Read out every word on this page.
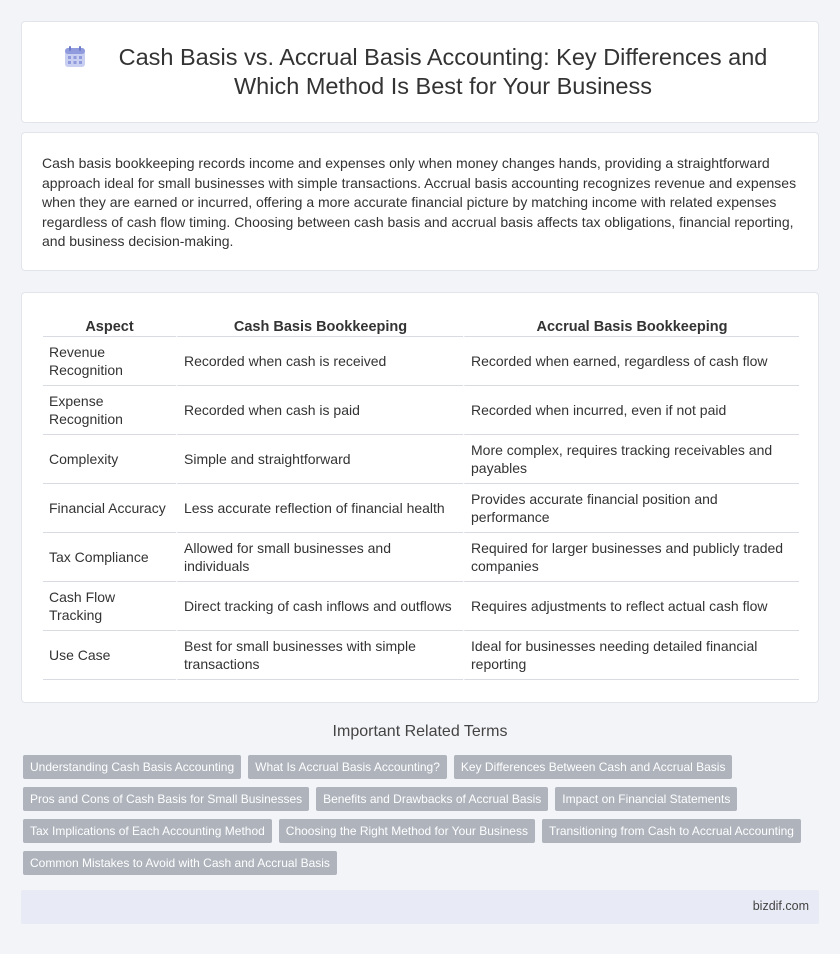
Cash Basis vs. Accrual Basis Accounting: Key Differences and Which Method Is Best for Your Business

Cash basis bookkeeping records income and expenses only when money changes hands, providing a straightforward approach ideal for small businesses with simple transactions. Accrual basis accounting recognizes revenue and expenses when they are earned or incurred, offering a more accurate financial picture by matching income with related expenses regardless of cash flow timing. Choosing between cash basis and accrual basis affects tax obligations, financial reporting, and business decision-making.

Aspect	Cash Basis Bookkeeping	Accrual Basis Bookkeeping
Revenue Recognition	Recorded when cash is received	Recorded when earned, regardless of cash flow
Expense Recognition	Recorded when cash is paid	Recorded when incurred, even if not paid
Complexity	Simple and straightforward	More complex, requires tracking receivables and payables
Financial Accuracy	Less accurate reflection of financial health	Provides accurate financial position and performance
Tax Compliance	Allowed for small businesses and individuals	Required for larger businesses and publicly traded companies
Cash Flow Tracking	Direct tracking of cash inflows and outflows	Requires adjustments to reflect actual cash flow
Use Case	Best for small businesses with simple transactions	Ideal for businesses needing detailed financial reporting
Important Related Terms
Understanding Cash Basis Accounting	What Is Accrual Basis Accounting?	Key Differences Between Cash and Accrual Basis
Pros and Cons of Cash Basis for Small Businesses	Benefits and Drawbacks of Accrual Basis	Impact on Financial Statements
Tax Implications of Each Accounting Method	Choosing the Right Method for Your Business	Transitioning from Cash to Accrual Accounting
Common Mistakes to Avoid with Cash and Accrual Basis
bizdif.com
